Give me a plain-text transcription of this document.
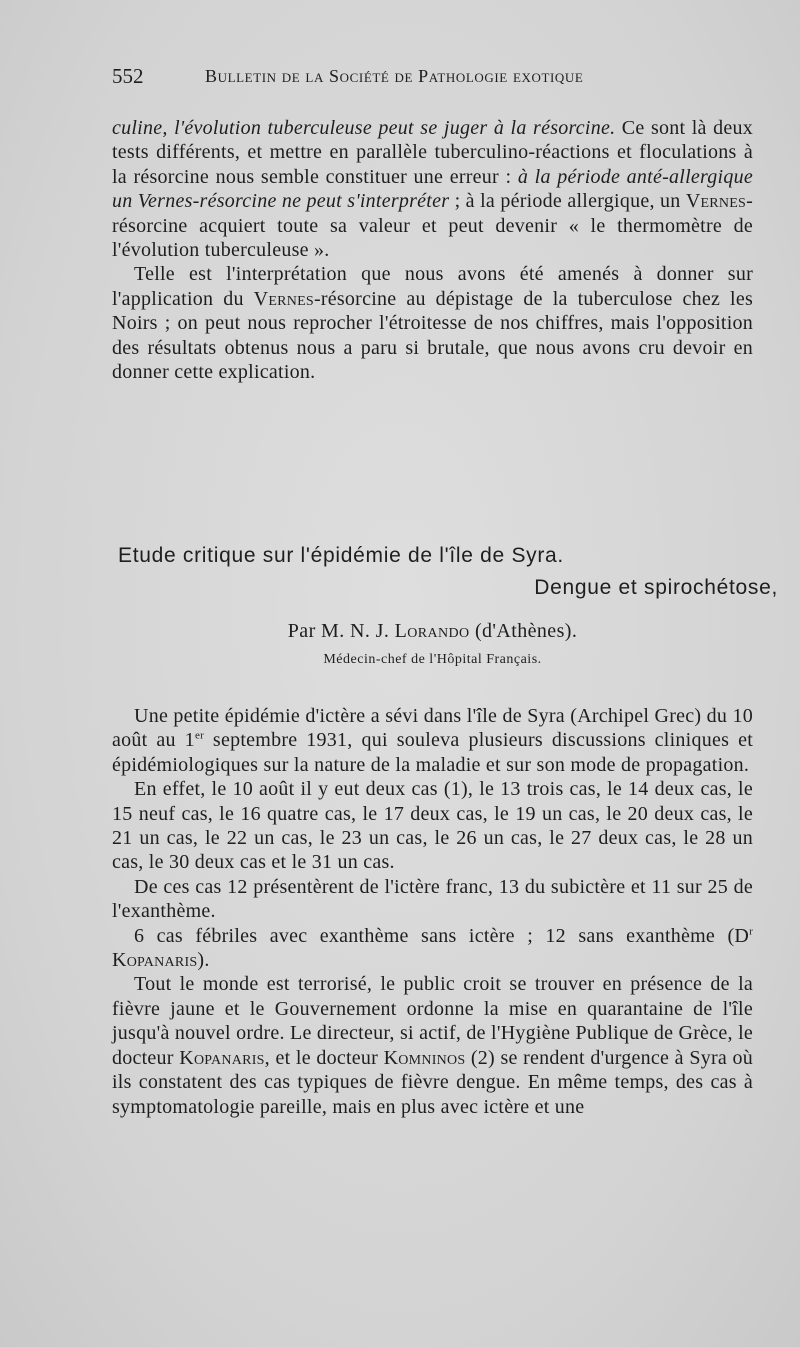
552	Bulletin de la Société de Pathologie exotique

culine, l'évolution tuberculeuse peut se juger à la résorcine. Ce sont là deux tests différents, et mettre en parallèle tuberculino-réactions et floculations à la résorcine nous semble constituer une erreur : à la période anté-allergique un Vernes-résorcine ne peut s'interpréter ; à la période allergique, un Vernes-résorcine acquiert toute sa valeur et peut devenir « le thermomètre de l'évolution tuberculeuse ».

Telle est l'interprétation que nous avons été amenés à donner sur l'application du Vernes-résorcine au dépistage de la tuberculose chez les Noirs ; on peut nous reprocher l'étroitesse de nos chiffres, mais l'opposition des résultats obtenus nous a paru si brutale, que nous avons cru devoir en donner cette explication.

Etude critique sur l'épidémie de l'île de Syra.
Dengue et spirochétose,
Par M. N. J. Lorando (d'Athènes).
Médecin-chef de l'Hôpital Français.

Une petite épidémie d'ictère a sévi dans l'île de Syra (Archipel Grec) du 10 août au 1er septembre 1931, qui souleva plusieurs discussions cliniques et épidémiologiques sur la nature de la maladie et sur son mode de propagation.

En effet, le 10 août il y eut deux cas (1), le 13 trois cas, le 14 deux cas, le 15 neuf cas, le 16 quatre cas, le 17 deux cas, le 19 un cas, le 20 deux cas, le 21 un cas, le 22 un cas, le 23 un cas, le 26 un cas, le 27 deux cas, le 28 un cas, le 30 deux cas et le 31 un cas.

De ces cas 12 présentèrent de l'ictère franc, 13 du subictère et 11 sur 25 de l'exanthème.

6 cas fébriles avec exanthème sans ictère ; 12 sans exanthème ($D^r$ Kopanaris).

Tout le monde est terrorisé, le public croit se trouver en présence de la fièvre jaune et le Gouvernement ordonne la mise en quarantaine de l'île jusqu'à nouvel ordre. Le directeur, si actif, de l'Hygiène Publique de Grèce, le docteur Kopanaris, et le docteur Komninos (2) se rendent d'urgence à Syra où ils constatent des cas typiques de fièvre dengue. En même temps, des cas à symptomatologie pareille, mais en plus avec ictère et une
